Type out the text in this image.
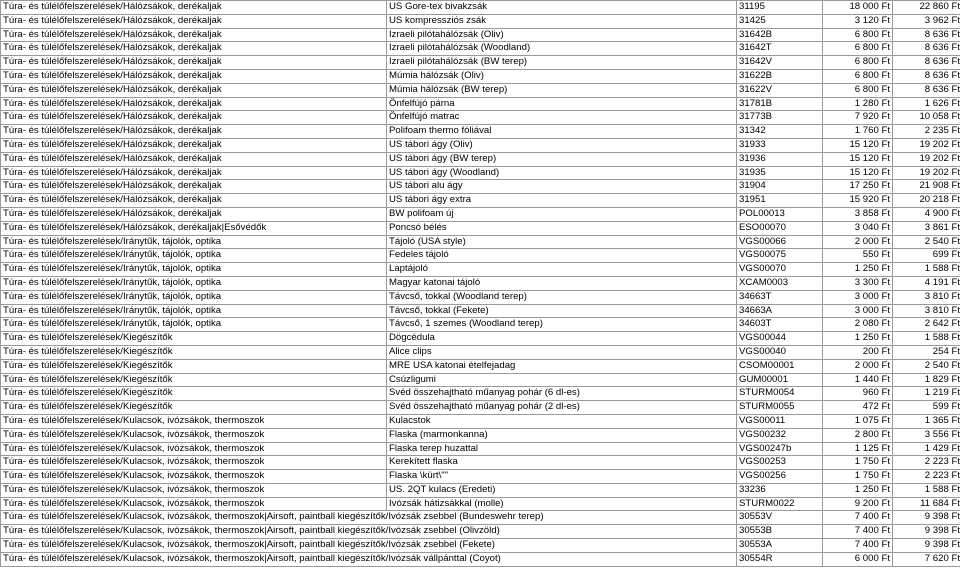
Túra- és túlélőfelszerelések/Hálózsákok, derékaljak	US Gore-tex bivakzsák	31195	18 000 Ft	22 860 Ft
Túra- és túlélőfelszerelések/Hálózsákok, derékaljak	US kompressziós zsák	31425	3 120 Ft	3 962 Ft
Túra- és túlélőfelszerelések/Hálózsákok, derékaljak	Izraeli pilótahálózsák (Oliv)	31642B	6 800 Ft	8 636 Ft
Túra- és túlélőfelszerelések/Hálózsákok, derékaljak	Izraeli pilótahálózsák (Woodland)	31642T	6 800 Ft	8 636 Ft
Túra- és túlélőfelszerelések/Hálózsákok, derékaljak	Izraeli pilótahálózsák (BW terep)	31642V	6 800 Ft	8 636 Ft
Túra- és túlélőfelszerelések/Hálózsákok, derékaljak	Múmia hálózsák (Oliv)	31622B	6 800 Ft	8 636 Ft
Túra- és túlélőfelszerelések/Hálózsákok, derékaljak	Múmia hálózsák (BW terep)	31622V	6 800 Ft	8 636 Ft
Túra- és túlélőfelszerelések/Hálózsákok, derékaljak	Önfelfújó párna	31781B	1 280 Ft	1 626 Ft
Túra- és túlélőfelszerelések/Hálózsákok, derékaljak	Önfelfújó matrac	31773B	7 920 Ft	10 058 Ft
Túra- és túlélőfelszerelések/Hálózsákok, derékaljak	Polifoam thermo fóliával	31342	1 760 Ft	2 235 Ft
Túra- és túlélőfelszerelések/Hálózsákok, derékaljak	US tábori ágy (Oliv)	31933	15 120 Ft	19 202 Ft
Túra- és túlélőfelszerelések/Hálózsákok, derékaljak	US tábori ágy (BW terep)	31936	15 120 Ft	19 202 Ft
Túra- és túlélőfelszerelések/Hálózsákok, derékaljak	US tábori ágy (Woodland)	31935	15 120 Ft	19 202 Ft
Túra- és túlélőfelszerelések/Hálózsákok, derékaljak	US tábori alu ágy	31904	17 250 Ft	21 908 Ft
Túra- és túlélőfelszerelések/Hálózsákok, derékaljak	US tábori ágy extra	31951	15 920 Ft	20 218 Ft
Túra- és túlélőfelszerelések/Hálózsákok, derékaljak	BW polifoam új	POL00013	3 858 Ft	4 900 Ft
Túra- és túlélőfelszerelések/Hálózsákok, derékaljak|Esővédők	Poncsó bélés	ESO00070	3 040 Ft	3 861 Ft
Túra- és túlélőfelszerelések/Iránytűk, tájolók, optika	Tájoló (USA style)	VGS00066	2 000 Ft	2 540 Ft
Túra- és túlélőfelszerelések/Iránytűk, tájolók, optika	Fedeles tájoló	VGS00075	550 Ft	699 Ft
Túra- és túlélőfelszerelések/Iránytűk, tájolók, optika	Laptájoló	VGS00070	1 250 Ft	1 588 Ft
Túra- és túlélőfelszerelések/Iránytűk, tájolók, optika	Magyar katonai tájoló	XCAM0003	3 300 Ft	4 191 Ft
Túra- és túlélőfelszerelések/Iránytűk, tájolók, optika	Távcső, tokkal (Woodland terep)	34663T	3 000 Ft	3 810 Ft
Túra- és túlélőfelszerelések/Iránytűk, tájolók, optika	Távcső, tokkal (Fekete)	34663A	3 000 Ft	3 810 Ft
Túra- és túlélőfelszerelések/Iránytűk, tájolók, optika	Távcső, 1 szemes (Woodland terep)	34603T	2 080 Ft	2 642 Ft
Túra- és túlélőfelszerelések/Kiegészítők	Dögcédula	VGS00044	1 250 Ft	1 588 Ft
Túra- és túlélőfelszerelések/Kiegészítők	Alice clips	VGS00040	200 Ft	254 Ft
Túra- és túlélőfelszerelések/Kiegészítők	MRE USA katonai ételfejadag	CSOM00001	2 000 Ft	2 540 Ft
Túra- és túlélőfelszerelések/Kiegészítők	Csúzligumi	GUM00001	1 440 Ft	1 829 Ft
Túra- és túlélőfelszerelések/Kiegészítők	Svéd összehajtható műanyag pohár (6 dl-es)	STURM0054	960 Ft	1 219 Ft
Túra- és túlélőfelszerelések/Kiegészítők	Svéd összehajtható műanyag pohár (2 dl-es)	STURM0055	472 Ft	599 Ft
Túra- és túlélőfelszerelések/Kulacsok, ivózsákok, thermoszok	Kulacstok	VGS00011	1 075 Ft	1 365 Ft
Túra- és túlélőfelszerelések/Kulacsok, ivózsákok, thermoszok	Flaska (marmonkanna)	VGS00232	2 800 Ft	3 556 Ft
Túra- és túlélőfelszerelések/Kulacsok, ivózsákok, thermoszok	Flaska terep huzattal	VGS00247b	1 125 Ft	1 429 Ft
Túra- és túlélőfelszerelések/Kulacsok, ivózsákok, thermoszok	Kerekített flaska	VGS00253	1 750 Ft	2 223 Ft
Túra- és túlélőfelszerelések/Kulacsok, ivózsákok, thermoszok	Flaska \kürt\""	VGS00256	1 750 Ft	2 223 Ft
Túra- és túlélőfelszerelések/Kulacsok, ivózsákok, thermoszok	US. 2QT kulacs (Eredeti)	33236	1 250 Ft	1 588 Ft
Túra- és túlélőfelszerelések/Kulacsok, ivózsákok, thermoszok	Ivózsák hátizsákkal (molle)	STURM0022	9 200 Ft	11 684 Ft
Túra- és túlélőfelszerelések/Kulacsok, ivózsákok, thermoszok|Airsoft, paintball kiegészítők/Ivózsák zsebbel (Bundeswehr terep)		30553V	7 400 Ft	9 398 Ft
Túra- és túlélőfelszerelések/Kulacsok, ivózsákok, thermoszok|Airsoft, paintball kiegészítők/Ivózsák zsebbel (Olivzöld)		30553B	7 400 Ft	9 398 Ft
Túra- és túlélőfelszerelések/Kulacsok, ivózsákok, thermoszok|Airsoft, paintball kiegészítők/Ivózsák zsebbel (Fekete)		30553A	7 400 Ft	9 398 Ft
Túra- és túlélőfelszerelések/Kulacsok, ivózsákok, thermoszok|Airsoft, paintball kiegészítők/Ivózsák vállpánttal (Coyot)		30554R	6 000 Ft	7 620 Ft
